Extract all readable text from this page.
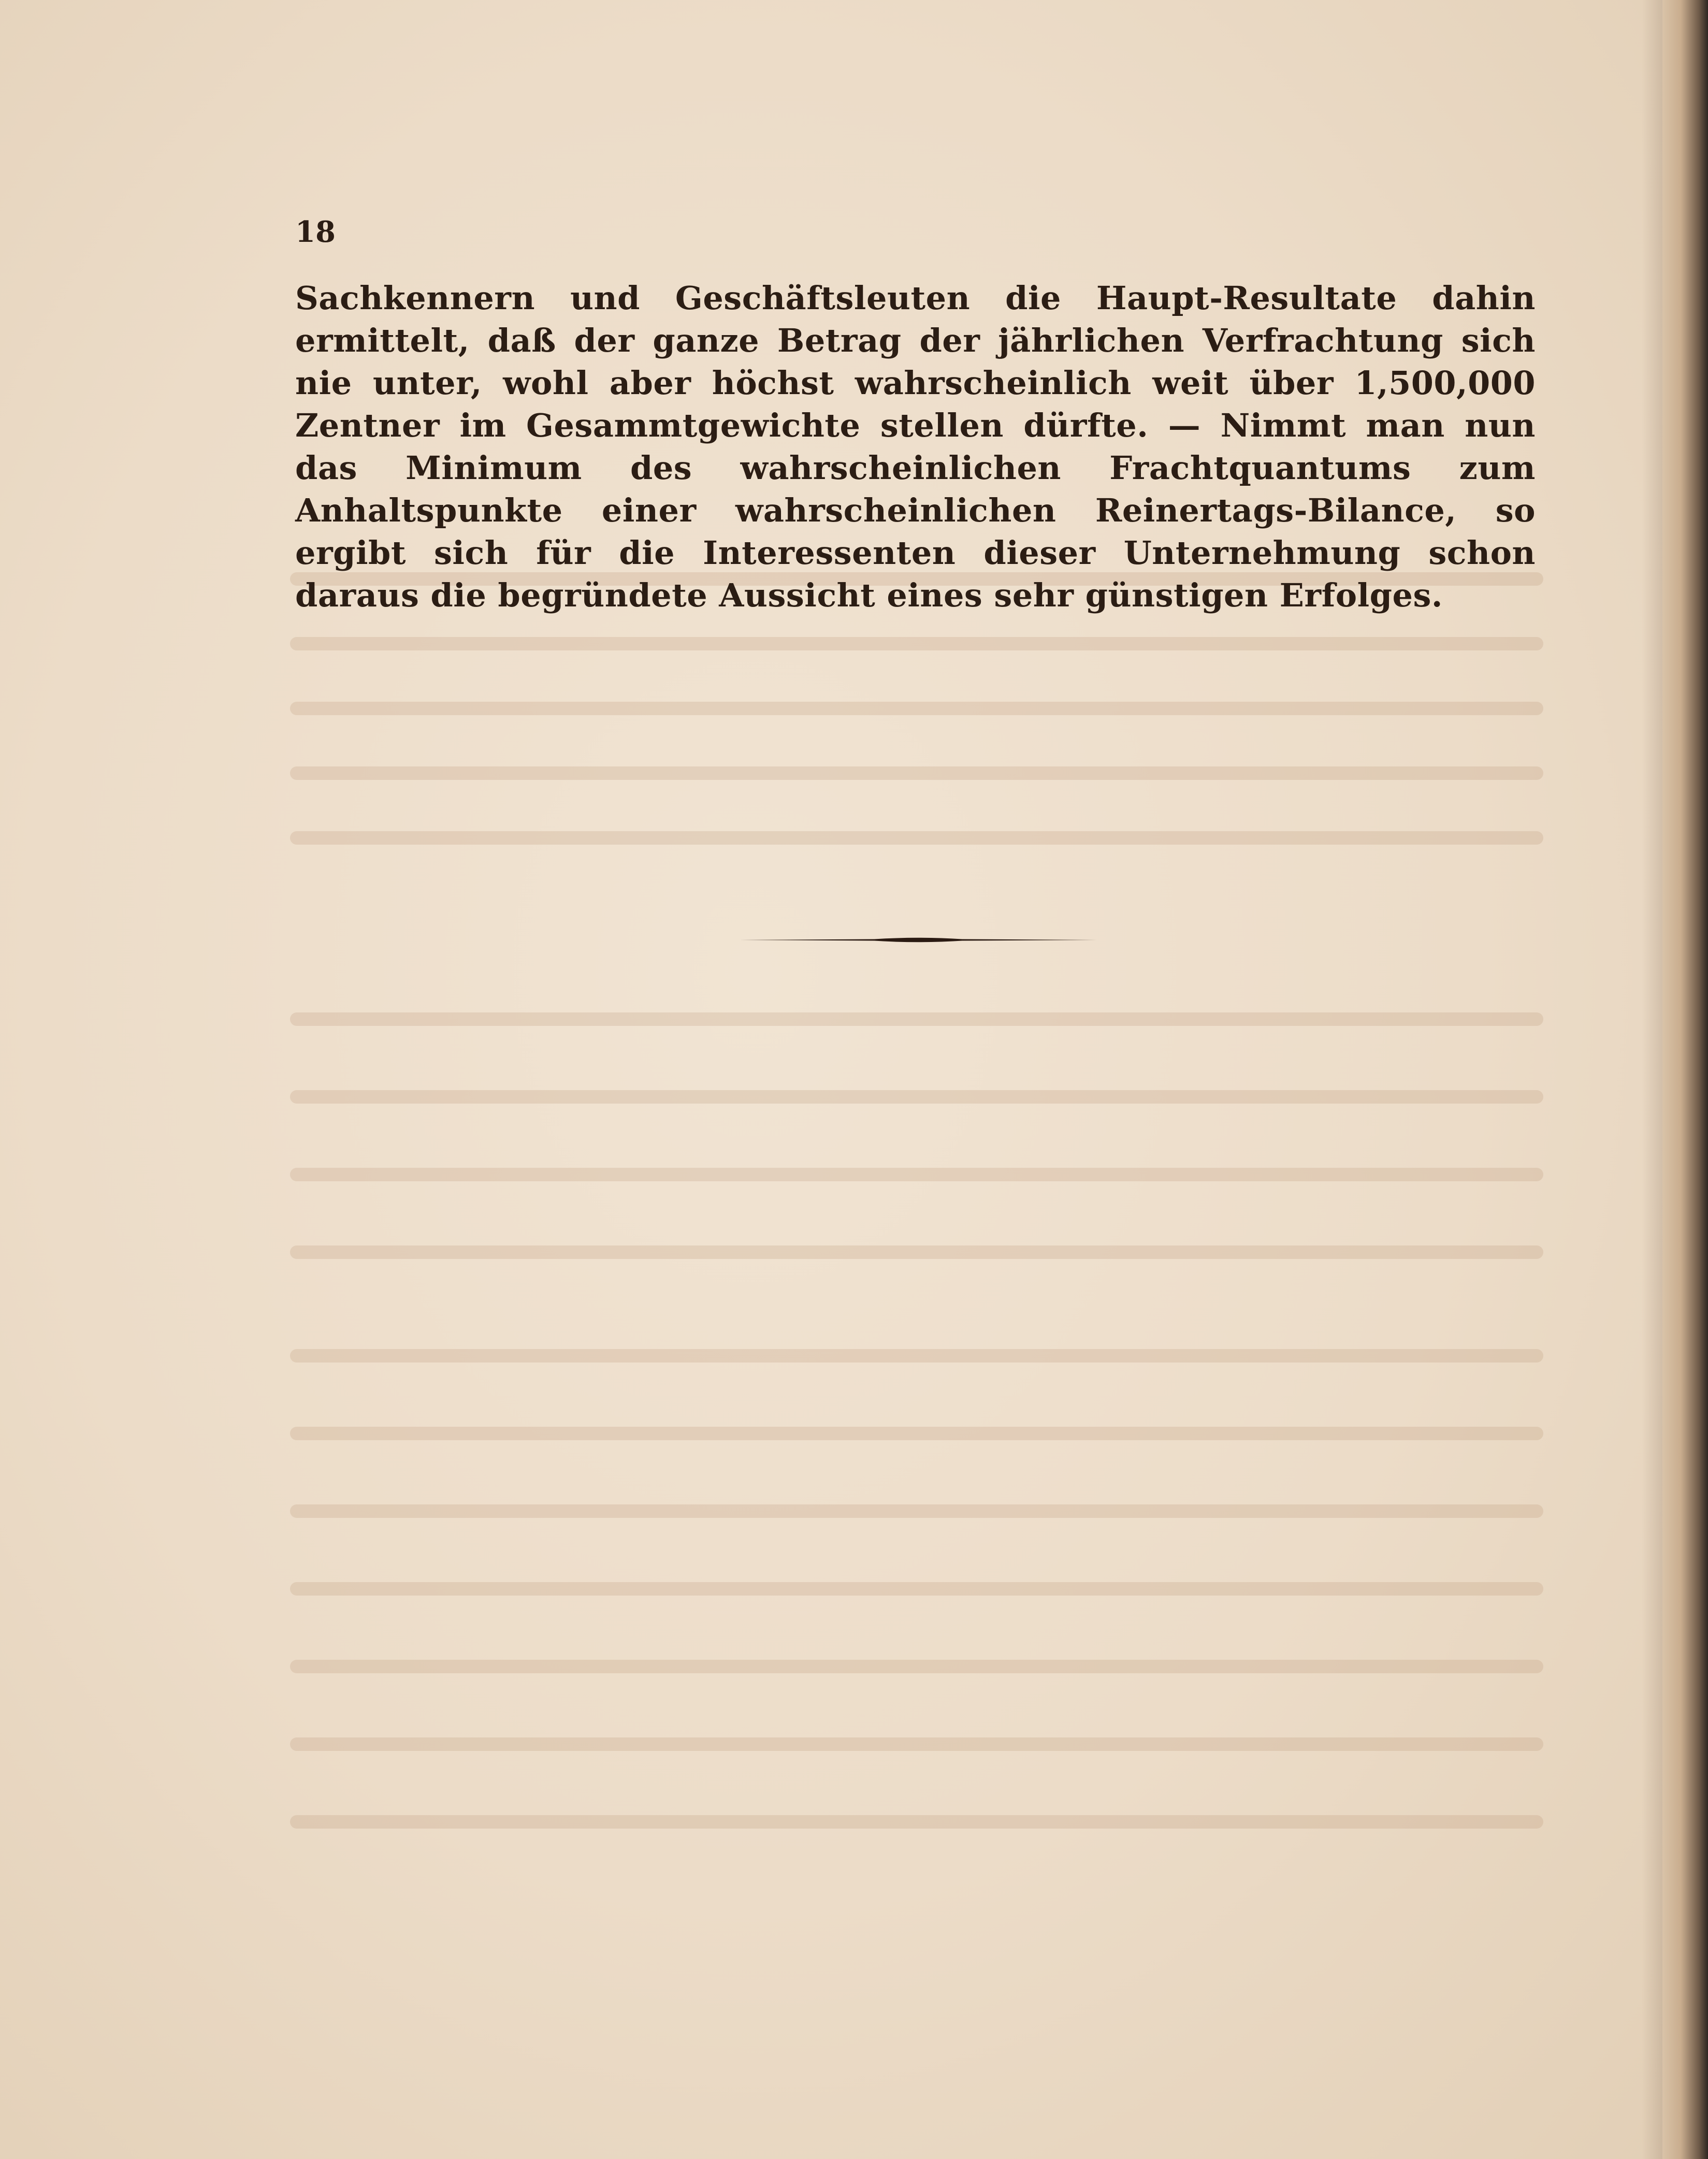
18

Sachkennern und Geschäftsleuten die Haupt-Resultate dahin ermittelt, daß der ganze Betrag der jährlichen Verfrachtung sich nie unter, wohl aber höchst wahrscheinlich weit über 1,500,000 Zentner im Gesammtgewichte stellen dürfte. — Nimmt man nun das Minimum des wahrscheinlichen Frachtquantums zum Anhaltspunkte einer wahrscheinlichen Reinertags-Bilance, so ergibt sich für die Interessenten dieser Unternehmung schon daraus die begründete Aussicht eines sehr günstigen Erfolges.
